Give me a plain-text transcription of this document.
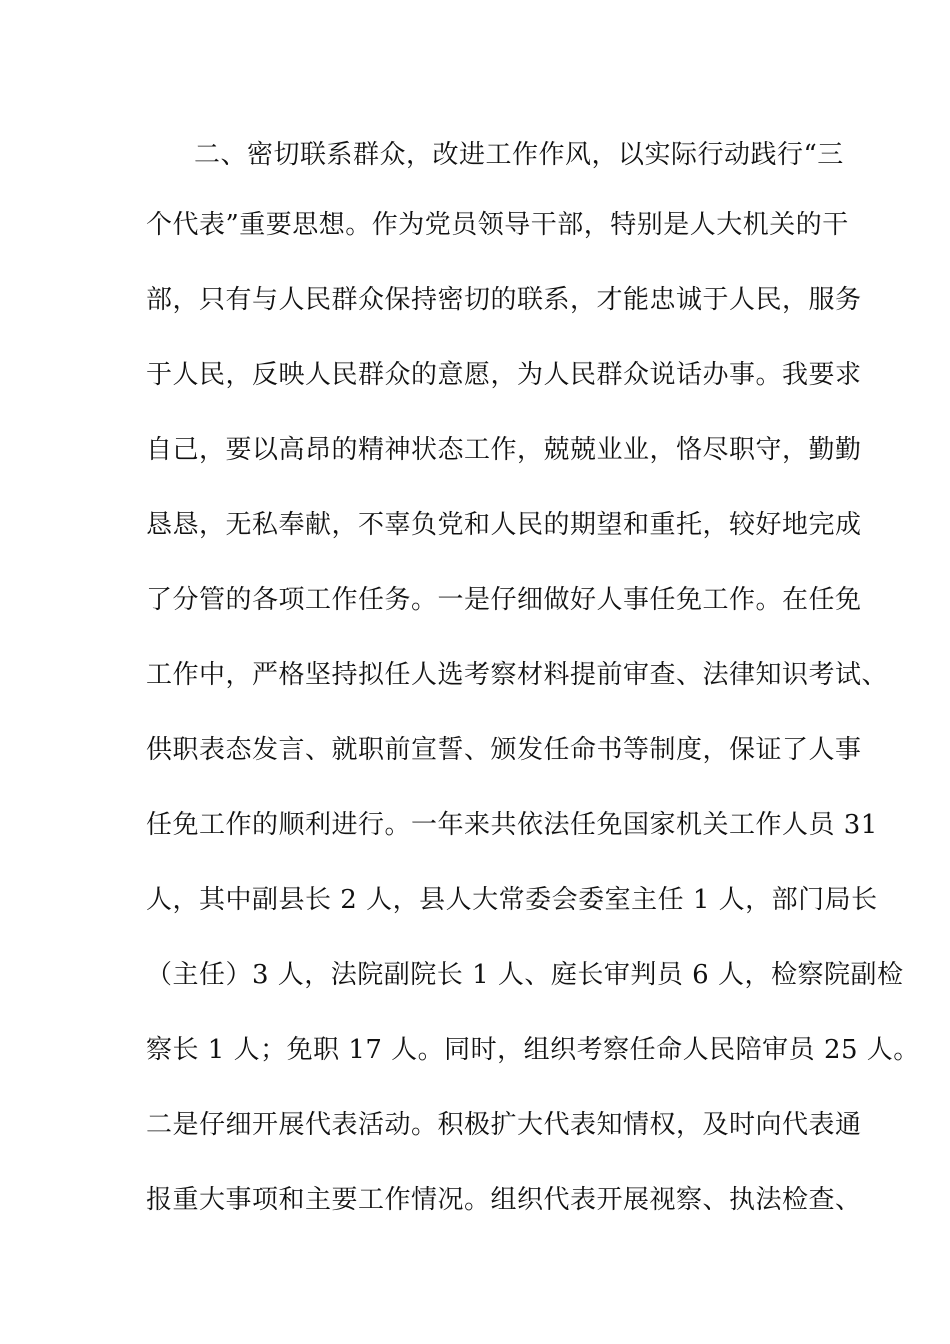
二、密切联系群众，改进工作作风，以实际行动践行“三
个代表”重要思想。作为党员领导干部，特别是人大机关的干
部，只有与人民群众保持密切的联系，才能忠诚于人民，服务
于人民，反映人民群众的意愿，为人民群众说话办事。我要求
自己，要以高昂的精神状态工作，兢兢业业，恪尽职守，勤勤
恳恳，无私奉献，不辜负党和人民的期望和重托，较好地完成
了分管的各项工作任务。一是仔细做好人事任免工作。在任免
工作中，严格坚持拟任人选考察材料提前审查、法律知识考试、
供职表态发言、就职前宣誓、颁发任命书等制度，保证了人事
任免工作的顺利进行。一年来共依法任免国家机关工作人员 31
人，其中副县长 2 人，县人大常委会委室主任 1 人，部门局长
（主任）3 人，法院副院长 1 人、庭长审判员 6 人，检察院副检
察长 1 人；免职 17 人。同时，组织考察任命人民陪审员 25 人。
二是仔细开展代表活动。积极扩大代表知情权，及时向代表通
报重大事项和主要工作情况。组织代表开展视察、执法检查、
